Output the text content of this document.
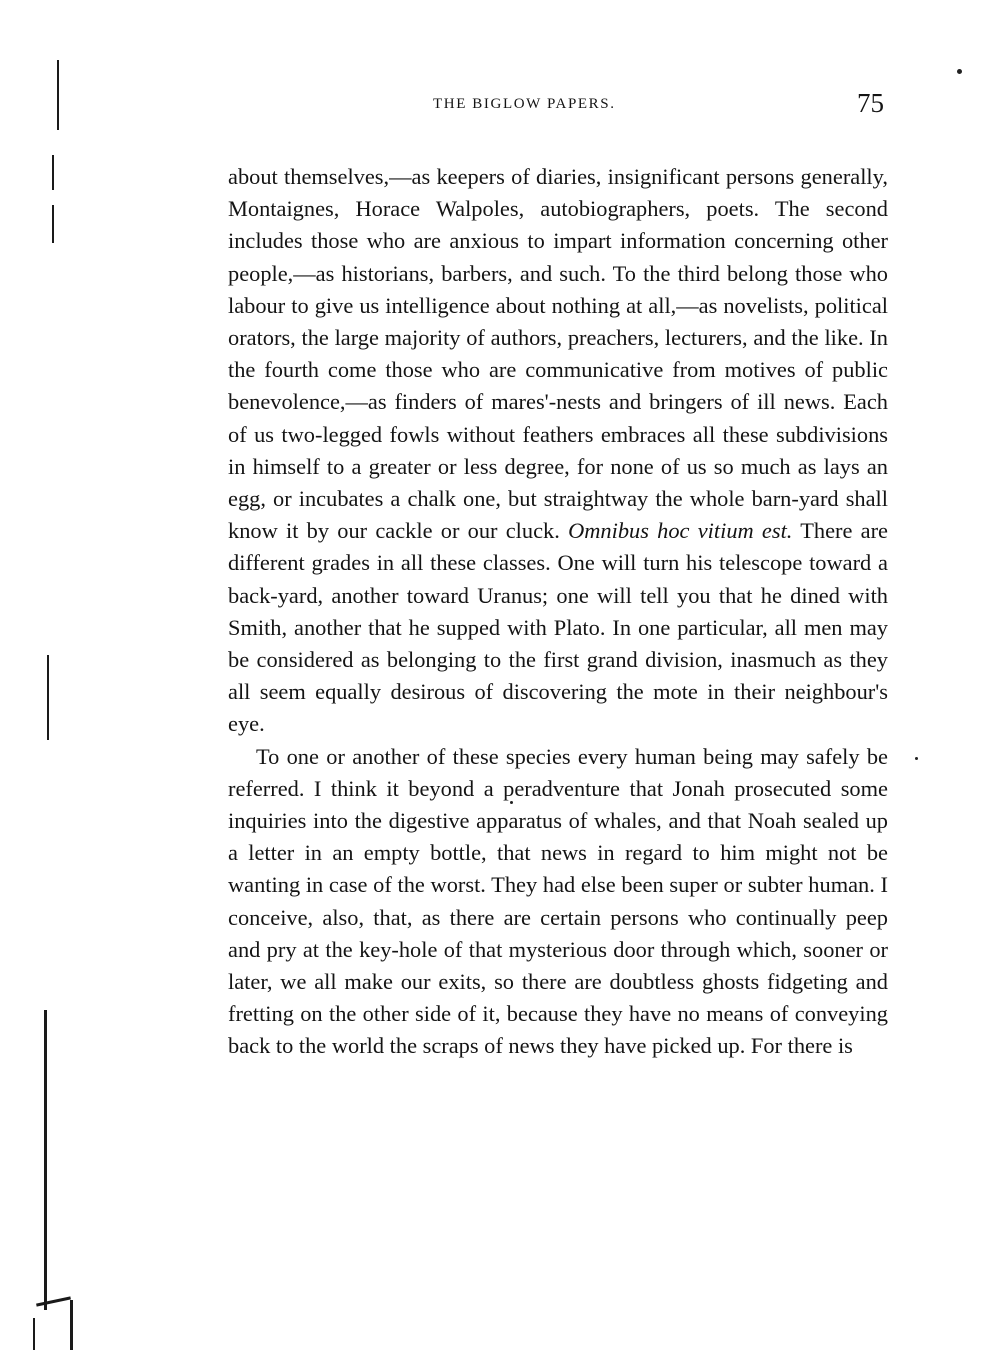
THE BIGLOW PAPERS.	75

about themselves,—as keepers of diaries, insignificant persons generally, Montaignes, Horace Walpoles, autobiographers, poets. The second includes those who are anxious to impart information concerning other people,—as historians, barbers, and such. To the third belong those who labour to give us intelligence about nothing at all,—as novelists, political orators, the large majority of authors, preachers, lecturers, and the like. In the fourth come those who are communicative from motives of public benevolence,—as finders of mares'-nests and bringers of ill news. Each of us two-legged fowls without feathers embraces all these subdivisions in himself to a greater or less degree, for none of us so much as lays an egg, or incubates a chalk one, but straightway the whole barn-yard shall know it by our cackle or our cluck. Omnibus hoc vitium est. There are different grades in all these classes. One will turn his telescope toward a back-yard, another toward Uranus; one will tell you that he dined with Smith, another that he supped with Plato. In one particular, all men may be considered as belonging to the first grand division, inasmuch as they all seem equally desirous of discovering the mote in their neighbour's eye.

To one or another of these species every human being may safely be referred. I think it beyond a peradventure that Jonah prosecuted some inquiries into the digestive apparatus of whales, and that Noah sealed up a letter in an empty bottle, that news in regard to him might not be wanting in case of the worst. They had else been super or subter human. I conceive, also, that, as there are certain persons who continually peep and pry at the key-hole of that mysterious door through which, sooner or later, we all make our exits, so there are doubtless ghosts fidgeting and fretting on the other side of it, because they have no means of conveying back to the world the scraps of news they have picked up. For there is
